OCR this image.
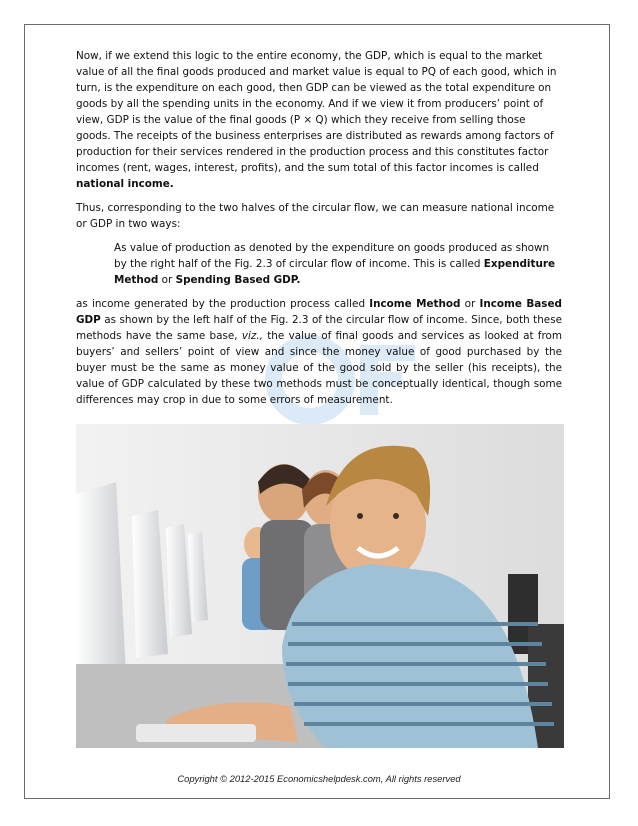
Now, if we extend this logic to the entire economy, the GDP, which is equal to the market value of all the final goods produced and market value is equal to PQ of each good, which in turn, is the expenditure on each good, then GDP can be viewed as the total expenditure on goods by all the spending units in the economy. And if we view it from producers’ point of view, GDP is the value of the final goods (P × Q) which they receive from selling those goods. The receipts of the business enterprises are distributed as rewards among factors of production for their services rendered in the production process and this constitutes factor incomes (rent, wages, interest, profits), and the sum total of this factor incomes is called national income.

Thus, corresponding to the two halves of the circular flow, we can measure national income or GDP in two ways:

As value of production as denoted by the expenditure on goods produced as shown by the right half of the Fig. 2.3 of circular flow of income. This is called Expenditure Method or Spending Based GDP.

as income generated by the production process called Income Method or Income Based GDP as shown by the left half of the Fig. 2.3 of the circular flow of income. Since, both these methods have the same base, viz., the value of final goods and services as looked at from buyers’ and sellers’ point of view and since the money value of good purchased by the buyer must be the same as money value of the good sold by the seller (his receipts), the value of GDP calculated by these two methods must be conceptually identical, though some differences may crop in due to some errors of measurement.

Copyright © 2012-2015 Economicshelpdesk.com, All rights reserved
